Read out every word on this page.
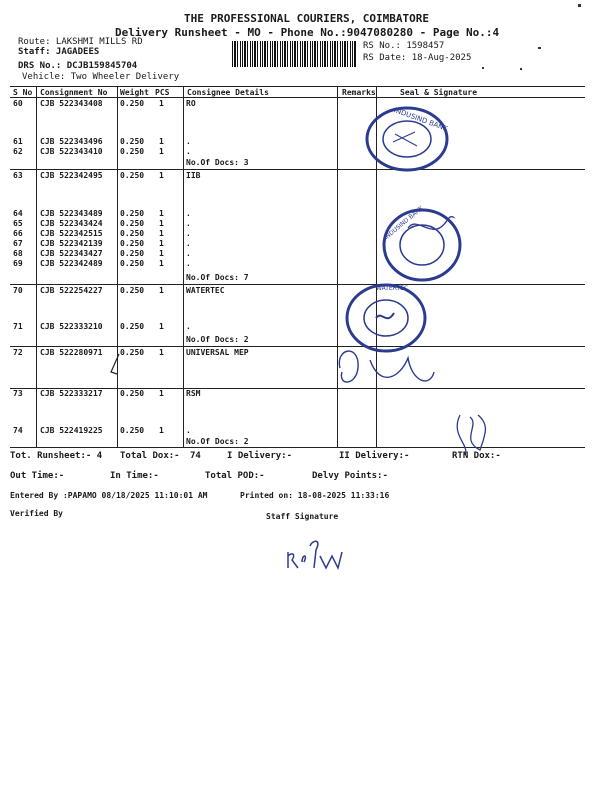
THE PROFESSIONAL COURIERS, COIMBATORE
Delivery Runsheet - MO - Phone No.:9047080280 - Page No.:4
Route: LAKSHMI MILLS RD
Staff: JAGADEES
DRS No.: DCJB159845704
Vehicle: Two Wheeler Delivery
RS No.: 1598457
RS Date: 18-Aug-2025
S No Consignment No Weight PCS Consignee Details	Remarks	Seal & Signature
60 CJB 522343408 0.250 1	RO
61 CJB 522343496 0.250 1	.
62 CJB 522343410 0.250 1	.
63 CJB 522342495 0.250 1	IIB
64 CJB 522343489 0.250 1	.
65 CJB 522343424 0.250 1	.
66 CJB 522342515 0.250 1	.
67 CJB 522342139 0.250 1	.
68 CJB 522343427 0.250 1	.
69 CJB 522342489 0.250 1	.
70 CJB 522254227 0.250 1	WATERTEC
71 CJB 522333210 0.250 1	.
72 CJB 522280971 0.250 1	UNIVERSAL MEP
73 CJB 522333217 0.250 1	RSM
74 CJB 522419225 0.250 1	.
No.Of Docs: 3
No.Of Docs: 7
No.Of Docs: 2
No.Of Docs: 2
INDUSIND BANK
INDUSIND BANK
WATERTEC
Tot. Runsheet:- 4 Total Dox:- 74	I Delivery:-	II Delivery:-	RTN Dox:-
Out Time:-	In Time:-	Total POD:-	Delvy Points:-
Entered By :PAPAMO 08/18/2025 11:10:01 AM	Printed on: 18-08-2025 11:33:16
Verified By	Staff Signature
